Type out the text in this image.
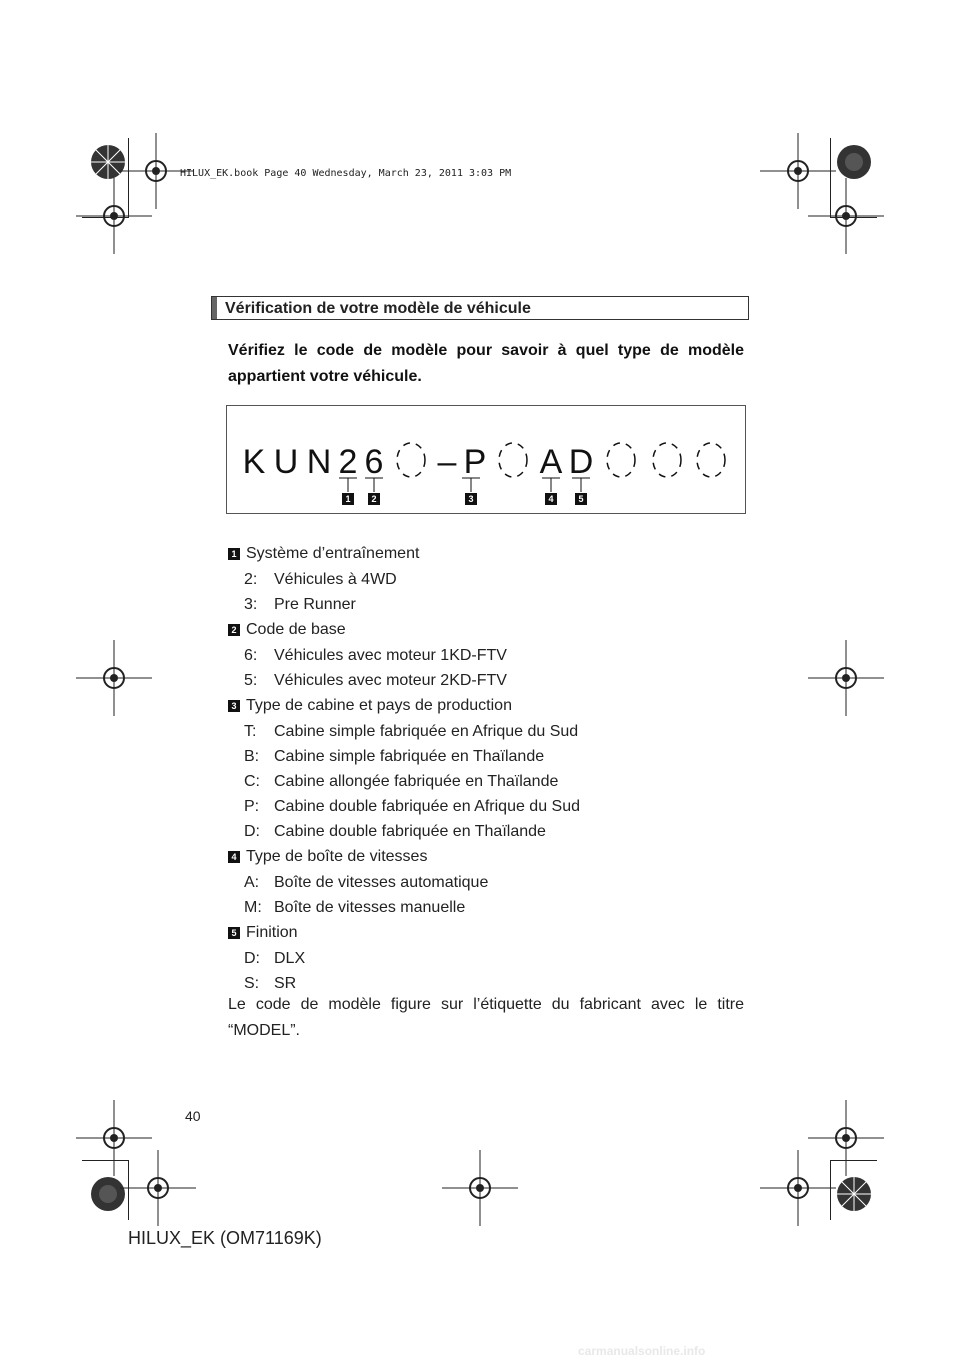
HILUX_EK.book Page 40 Wednesday, March 23, 2011 3:03 PM
Vérification de votre modèle de véhicule
Vérifiez le code de modèle pour savoir à quel type de modèle appartient votre véhicule.
K U N 2 6 – P A D
1 2	3	4	5
1 Système d’entraînement
2: Véhicules à 4WD
3: Pre Runner
2 Code de base
6: Véhicules avec moteur 1KD-FTV
5: Véhicules avec moteur 2KD-FTV
3 Type de cabine et pays de production
T: Cabine simple fabriquée en Afrique du Sud
B: Cabine simple fabriquée en Thaïlande
C: Cabine allongée fabriquée en Thaïlande
P: Cabine double fabriquée en Afrique du Sud
D: Cabine double fabriquée en Thaïlande
4 Type de boîte de vitesses
A: Boîte de vitesses automatique
M: Boîte de vitesses manuelle
5 Finition
D: DLX
S: SR
Le code de modèle figure sur l’étiquette du fabricant avec le titre “MODEL”.
40
HILUX_EK (OM71169K)
carmanualsonline.info
